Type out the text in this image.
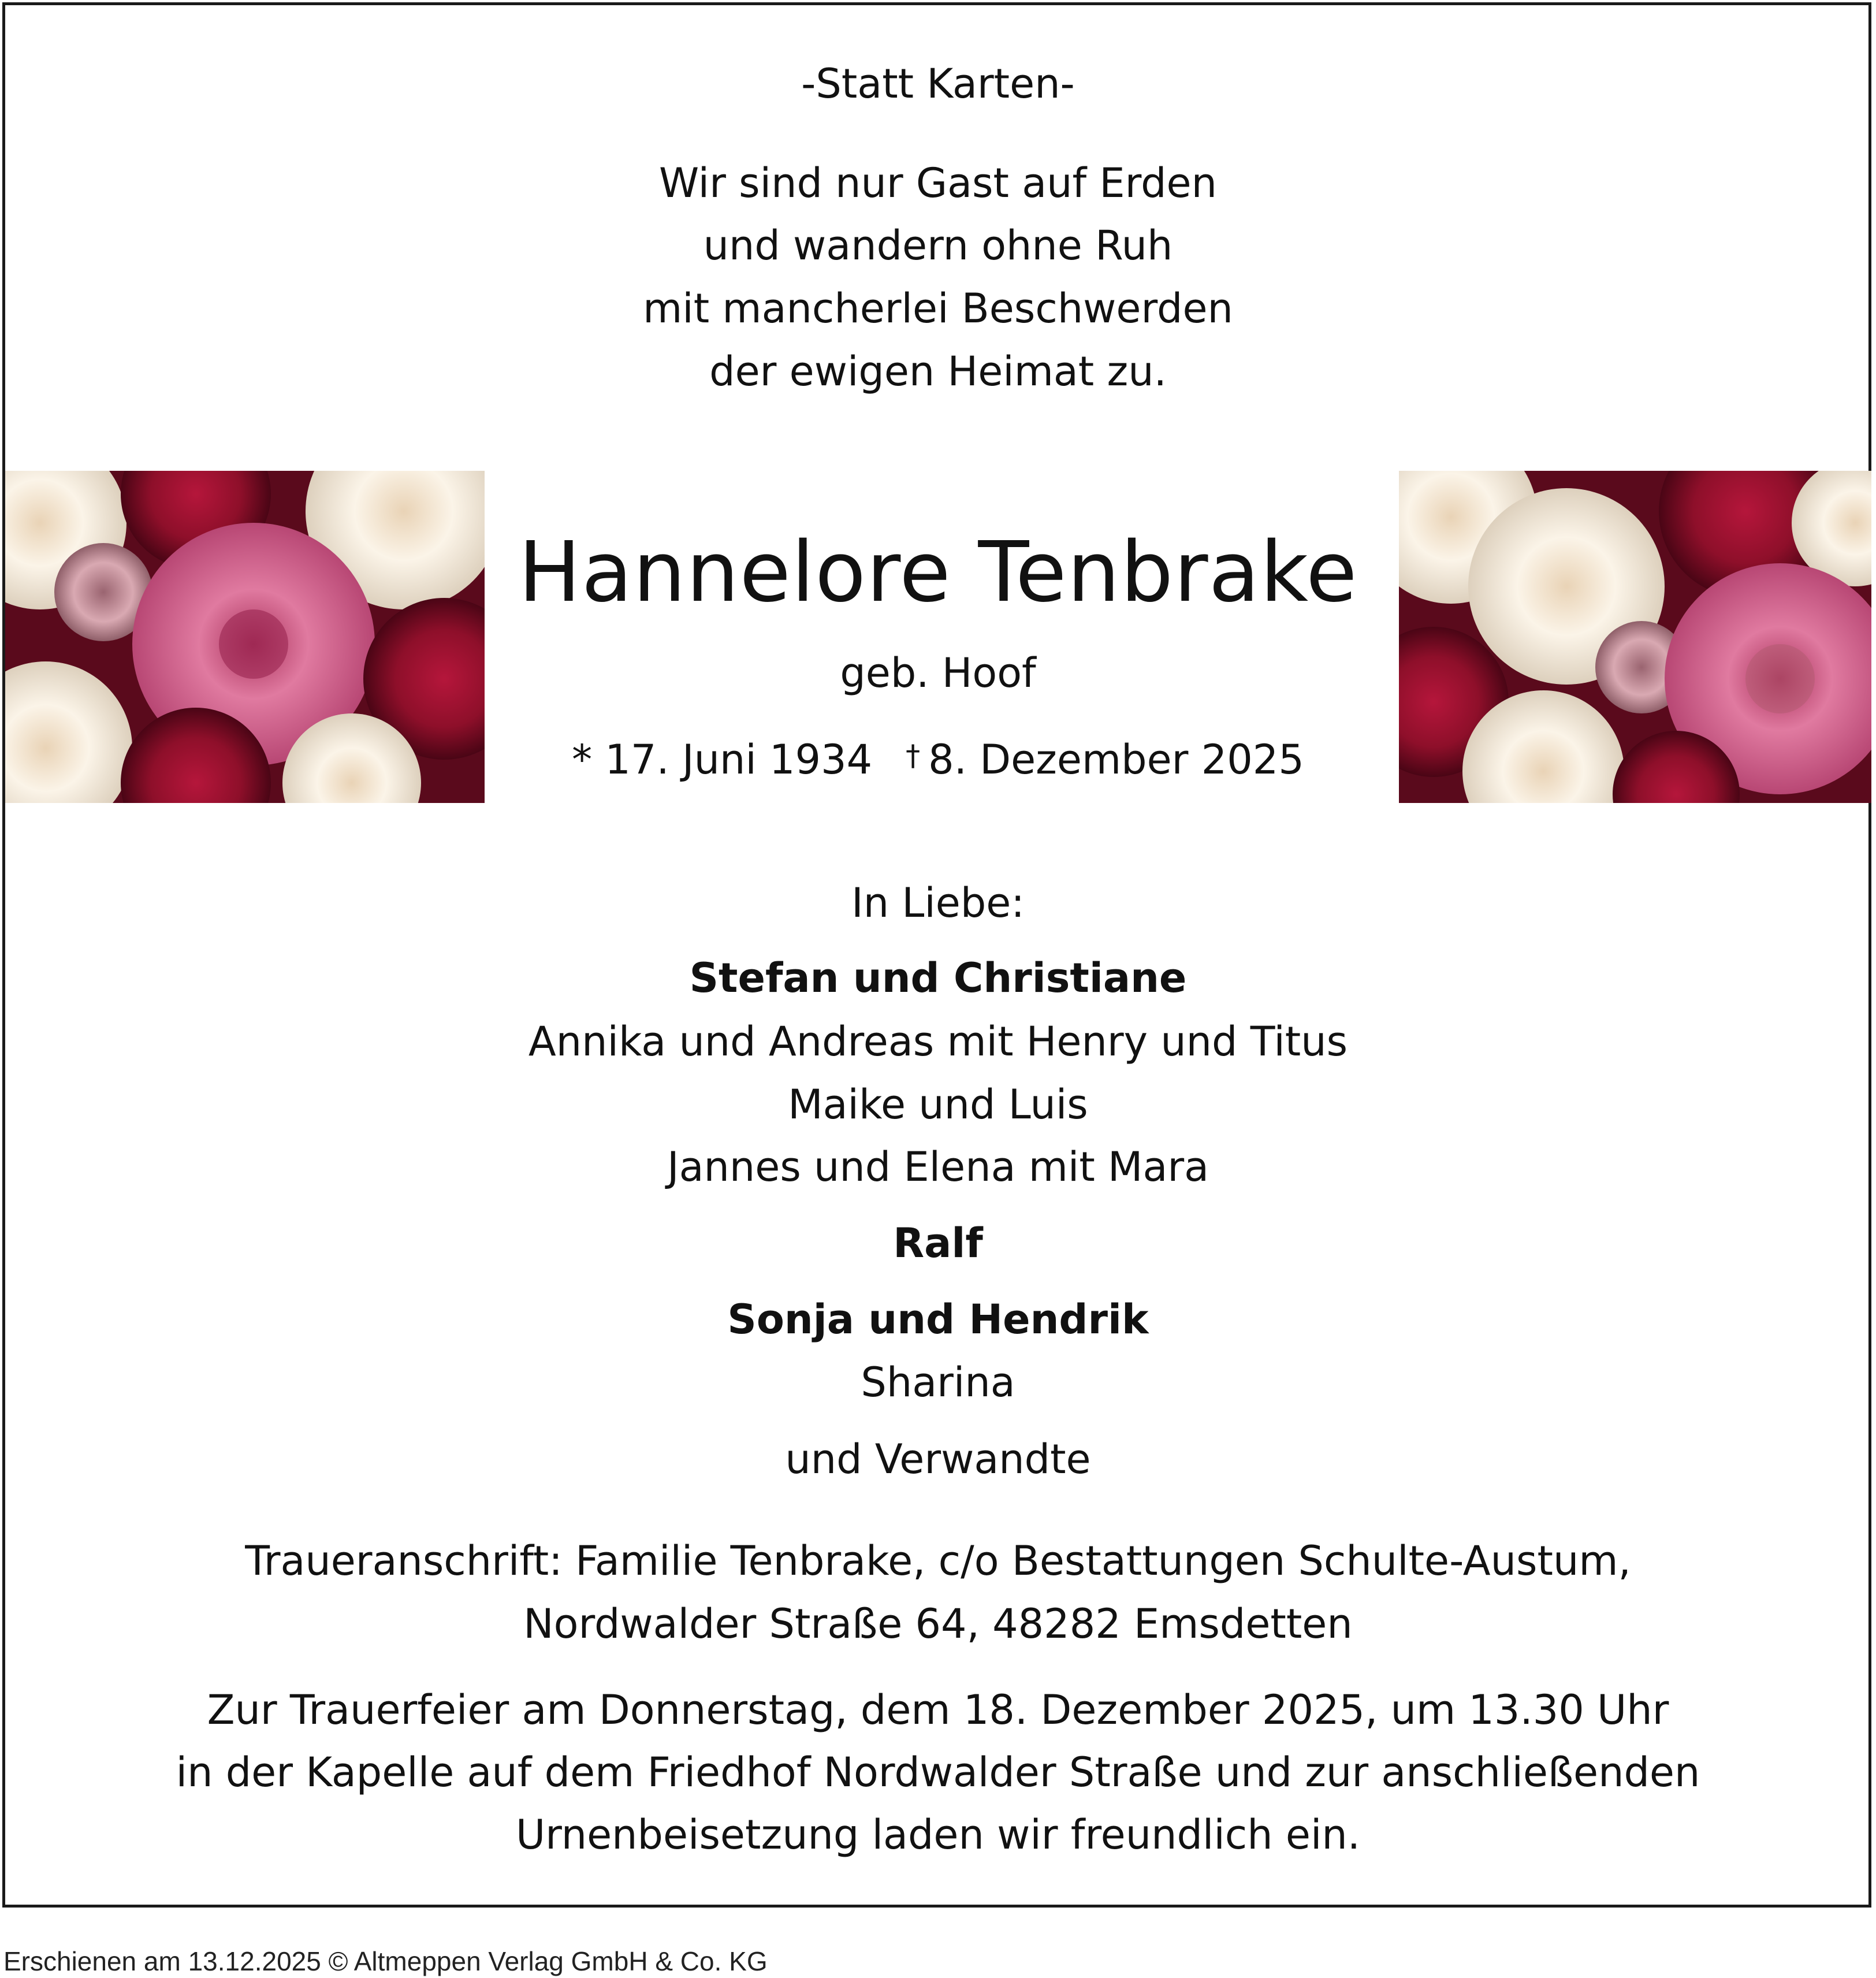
-Statt Karten-
Wir sind nur Gast auf Erden
und wandern ohne Ruh
mit mancherlei Beschwerden
der ewigen Heimat zu.
Hannelore Tenbrake
geb. Hoof
* 17. Juni 1934 † 8. Dezember 2025
In Liebe:
Stefan und Christiane
Annika und Andreas mit Henry und Titus
Maike und Luis
Jannes und Elena mit Mara
Ralf
Sonja und Hendrik
Sharina
und Verwandte
Traueranschrift: Familie Tenbrake, c/o Bestattungen Schulte-Austum,
Nordwalder Straße 64, 48282 Emsdetten
Zur Trauerfeier am Donnerstag, dem 18. Dezember 2025, um 13.30 Uhr
in der Kapelle auf dem Friedhof Nordwalder Straße und zur anschließenden
Urnenbeisetzung laden wir freundlich ein.
Erschienen am 13.12.2025 © Altmeppen Verlag GmbH & Co. KG
